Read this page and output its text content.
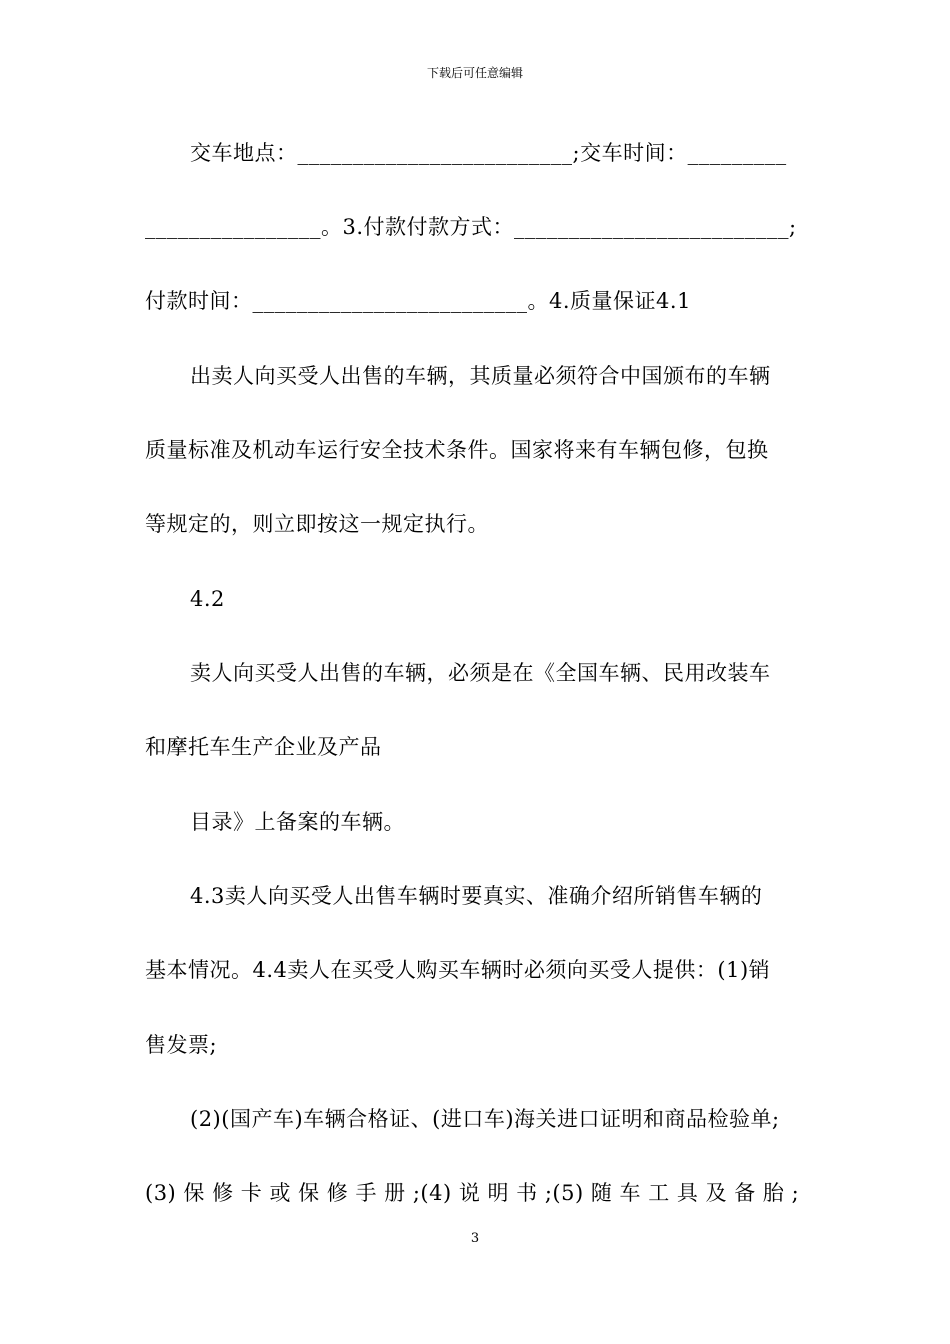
下载后可任意编辑
交车地点：_________________________;交车时间：_________
________________。3.付款付款方式：_________________________;
付款时间：_________________________。4.质量保证4.1
出卖人向买受人出售的车辆，其质量必须符合中国颁布的车辆
质量标准及机动车运行安全技术条件。国家将来有车辆包修，包换
等规定的，则立即按这一规定执行。
4.2
卖人向买受人出售的车辆，必须是在《全国车辆、民用改装车
和摩托车生产企业及产品
目录》上备案的车辆。
4.3卖人向买受人出售车辆时要真实、准确介绍所销售车辆的
基本情况。4.4卖人在买受人购买车辆时必须向买受人提供：(1)销
售发票;
(2)(国产车)车辆合格证、(进口车)海关进口证明和商品检验单;
(3) 保 修 卡 或 保 修 手 册 ;(4) 说 明 书 ;(5) 随 车 工 具 及 备 胎 ;
3
